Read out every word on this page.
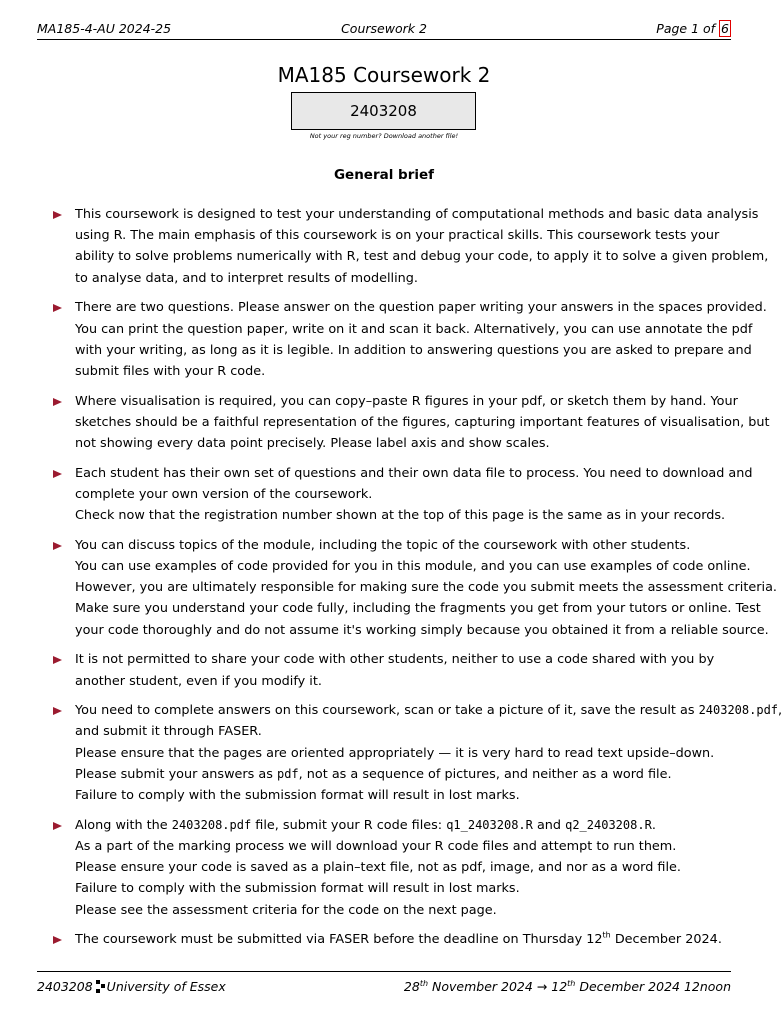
MA185-4-AU 2024-25	Coursework 2	Page 1 of 6
MA185 Coursework 2
2403208
Not your reg number? Download another file!
General brief
This coursework is designed to test your understanding of computational methods and basic data analysis
using R. The main emphasis of this coursework is on your practical skills. This coursework tests your
ability to solve problems numerically with R, test and debug your code, to apply it to solve a given problem,
to analyse data, and to interpret results of modelling.
There are two questions. Please answer on the question paper writing your answers in the spaces provided.
You can print the question paper, write on it and scan it back. Alternatively, you can use annotate the pdf
with your writing, as long as it is legible. In addition to answering questions you are asked to prepare and
submit files with your R code.
Where visualisation is required, you can copy–paste R figures in your pdf, or sketch them by hand. Your
sketches should be a faithful representation of the figures, capturing important features of visualisation, but
not showing every data point precisely. Please label axis and show scales.
Each student has their own set of questions and their own data file to process. You need to download and
complete your own version of the coursework.
Check now that the registration number shown at the top of this page is the same as in your records.
You can discuss topics of the module, including the topic of the coursework with other students.
You can use examples of code provided for you in this module, and you can use examples of code online.
However, you are ultimately responsible for making sure the code you submit meets the assessment criteria.
Make sure you understand your code fully, including the fragments you get from your tutors or online. Test
your code thoroughly and do not assume it's working simply because you obtained it from a reliable source.
It is not permitted to share your code with other students, neither to use a code shared with you by
another student, even if you modify it.
You need to complete answers on this coursework, scan or take a picture of it, save the result as 2403208.pdf,
and submit it through FASER.
Please ensure that the pages are oriented appropriately — it is very hard to read text upside–down.
Please submit your answers as pdf, not as a sequence of pictures, and neither as a word file.
Failure to comply with the submission format will result in lost marks.
Along with the 2403208.pdf file, submit your R code files: q1_2403208.R and q2_2403208.R.
As a part of the marking process we will download your R code files and attempt to run them.
Please ensure your code is saved as a plain–text file, not as pdf, image, and nor as a word file.
Failure to comply with the submission format will result in lost marks.
Please see the assessment criteria for the code on the next page.
The coursework must be submitted via FASER before the deadline on Thursday 12th December 2024.
2403208 University of Essex	28th November 2024 → 12th December 2024 12noon
